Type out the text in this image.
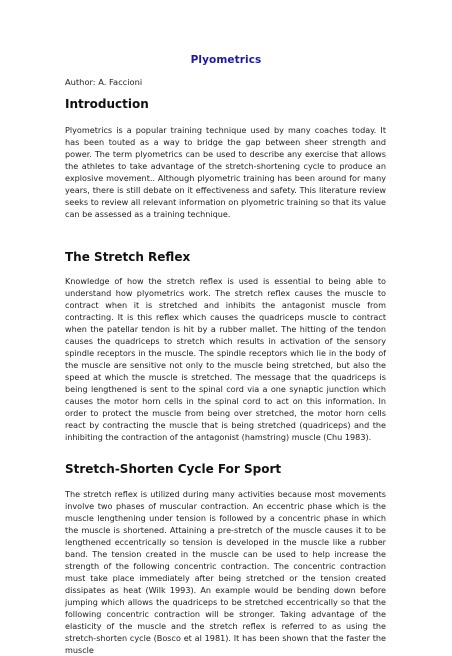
Plyometrics
Author: A. Faccioni
Introduction

Plyometrics is a popular training technique used by many coaches today. It has been touted as a way to bridge the gap between sheer strength and power. The term plyometrics can be used to describe any exercise that allows the athletes to take advantage of the stretch-shortening cycle to produce an explosive movement.. Although plyometric training has been around for many years, there is still debate on it effectiveness and safety. This literature review seeks to review all relevant information on plyometric training so that its value can be assessed as a training technique.

The Stretch Reflex

Knowledge of how the stretch reflex is used is essential to being able to understand how plyometrics work. The stretch reflex causes the muscle to contract when it is stretched and inhibits the antagonist muscle from contracting. It is this reflex which causes the quadriceps muscle to contract when the patellar tendon is hit by a rubber mallet. The hitting of the tendon causes the quadriceps to stretch which results in activation of the sensory spindle receptors in the muscle. The spindle receptors which lie in the body of the muscle are sensitive not only to the muscle being stretched, but also the speed at which the muscle is stretched. The message that the quadriceps is being lengthened is sent to the spinal cord via a one synaptic junction which causes the motor horn cells in the spinal cord to act on this information. In order to protect the muscle from being over stretched, the motor horn cells react by contracting the muscle that is being stretched (quadriceps) and the inhibiting the contraction of the antagonist (hamstring) muscle (Chu 1983).

Stretch-Shorten Cycle For Sport

The stretch reflex is utilized during many activities because most movements involve two phases of muscular contraction. An eccentric phase which is the muscle lengthening under tension is followed by a concentric phase in which the muscle is shortened. Attaining a pre-stretch of the muscle causes it to be lengthened eccentrically so tension is developed in the muscle like a rubber band. The tension created in the muscle can be used to help increase the strength of the following concentric contraction. The concentric contraction must take place immediately after being stretched or the tension created dissipates as heat (Wilk 1993). An example would be bending down before jumping which allows the quadriceps to be stretched eccentrically so that the following concentric contraction will be stronger. Taking advantage of the elasticity of the muscle and the stretch reflex is referred to as using the stretch-shorten cycle (Bosco et al 1981). It has been shown that the faster the muscle
